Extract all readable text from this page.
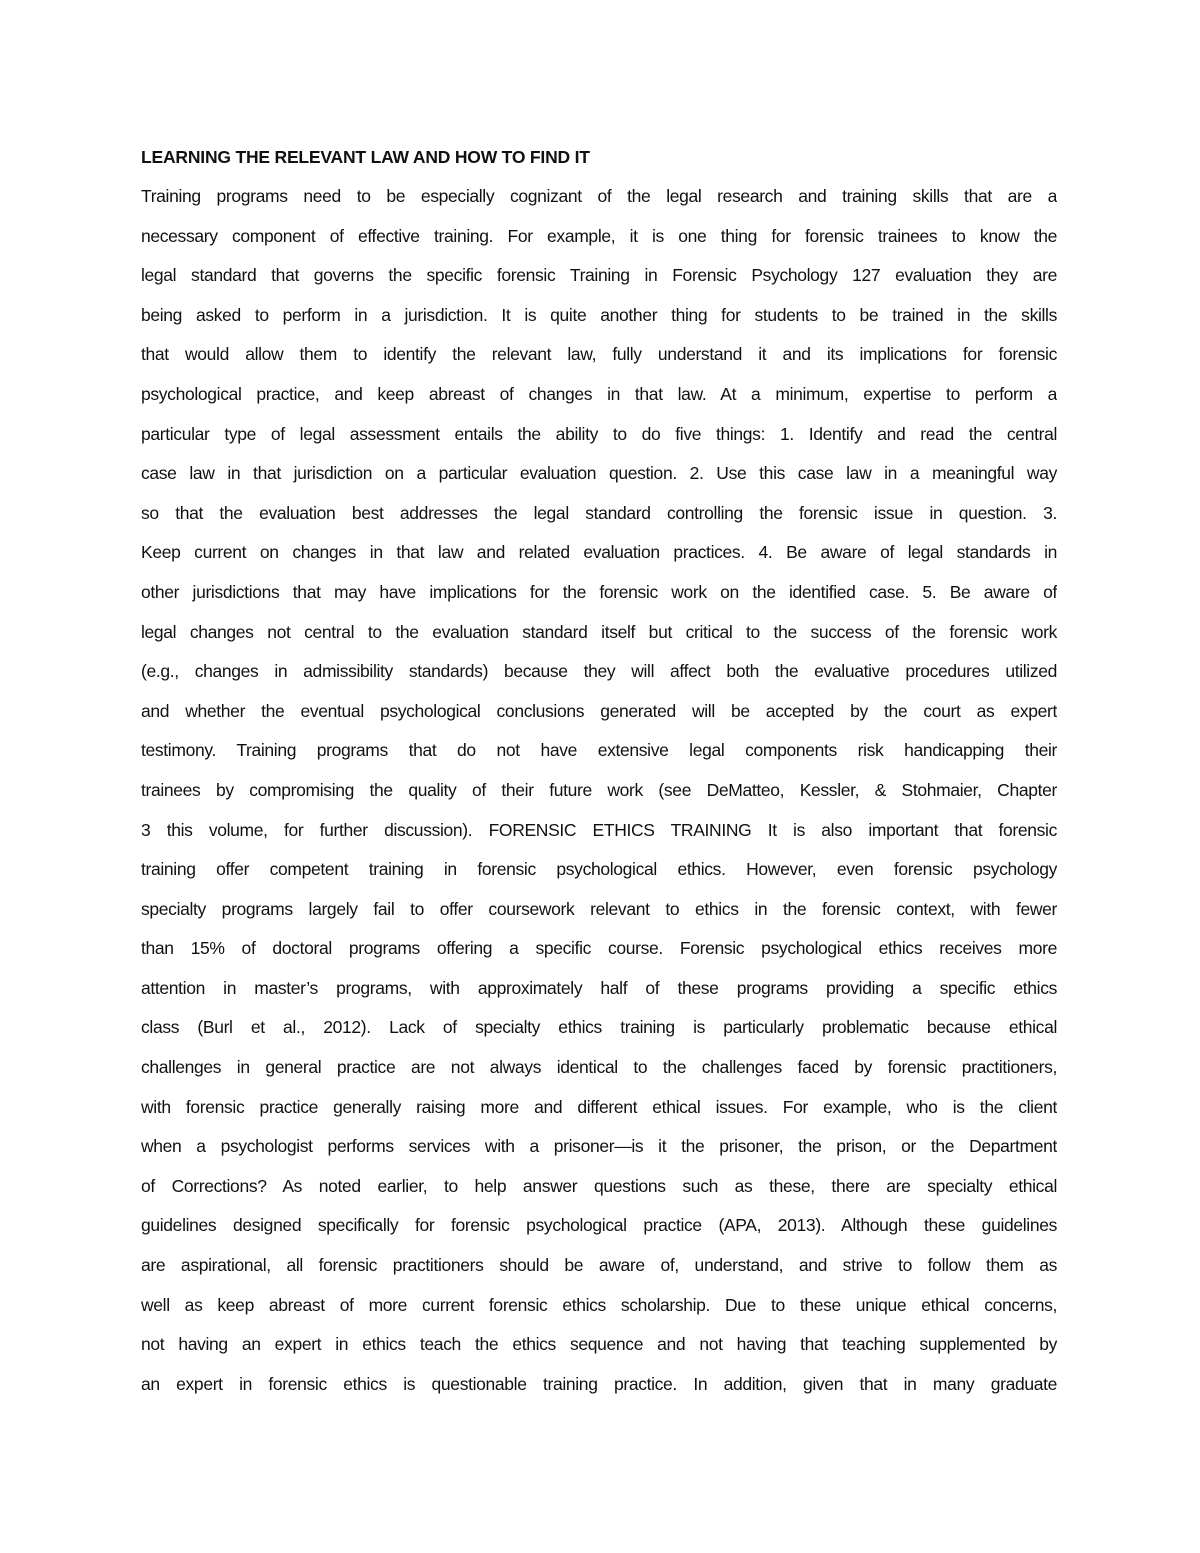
LEARNING THE RELEVANT LAW AND HOW TO FIND IT
Training programs need to be especially cognizant of the legal research and training skills that are a
necessary component of effective training. For example, it is one thing for forensic trainees to know the
legal standard that governs the specific forensic Training in Forensic Psychology 127 evaluation they are
being asked to perform in a jurisdiction. It is quite another thing for students to be trained in the skills
that would allow them to identify the relevant law, fully understand it and its implications for forensic
psychological practice, and keep abreast of changes in that law. At a minimum, expertise to perform a
particular type of legal assessment entails the ability to do five things: 1. Identify and read the central
case law in that jurisdiction on a particular evaluation question. 2. Use this case law in a meaningful way
so that the evaluation best addresses the legal standard controlling the forensic issue in question. 3.
Keep current on changes in that law and related evaluation practices. 4. Be aware of legal standards in
other jurisdictions that may have implications for the forensic work on the identified case. 5. Be aware of
legal changes not central to the evaluation standard itself but critical to the success of the forensic work
(e.g., changes in admissibility standards) because they will affect both the evaluative procedures utilized
and whether the eventual psychological conclusions generated will be accepted by the court as expert
testimony. Training programs that do not have extensive legal components risk handicapping their
trainees by compromising the quality of their future work (see DeMatteo, Kessler, & Stohmaier, Chapter
3 this volume, for further discussion). FORENSIC ETHICS TRAINING It is also important that forensic
training offer competent training in forensic psychological ethics. However, even forensic psychology
specialty programs largely fail to offer coursework relevant to ethics in the forensic context, with fewer
than 15% of doctoral programs offering a specific course. Forensic psychological ethics receives more
attention in master’s programs, with approximately half of these programs providing a specific ethics
class (Burl et al., 2012). Lack of specialty ethics training is particularly problematic because ethical
challenges in general practice are not always identical to the challenges faced by forensic practitioners,
with forensic practice generally raising more and different ethical issues. For example, who is the client
when a psychologist performs services with a prisoner—is it the prisoner, the prison, or the Department
of Corrections? As noted earlier, to help answer questions such as these, there are specialty ethical
guidelines designed specifically for forensic psychological practice (APA, 2013). Although these guidelines
are aspirational, all forensic practitioners should be aware of, understand, and strive to follow them as
well as keep abreast of more current forensic ethics scholarship. Due to these unique ethical concerns,
not having an expert in ethics teach the ethics sequence and not having that teaching supplemented by
an expert in forensic ethics is questionable training practice. In addition, given that in many graduate
